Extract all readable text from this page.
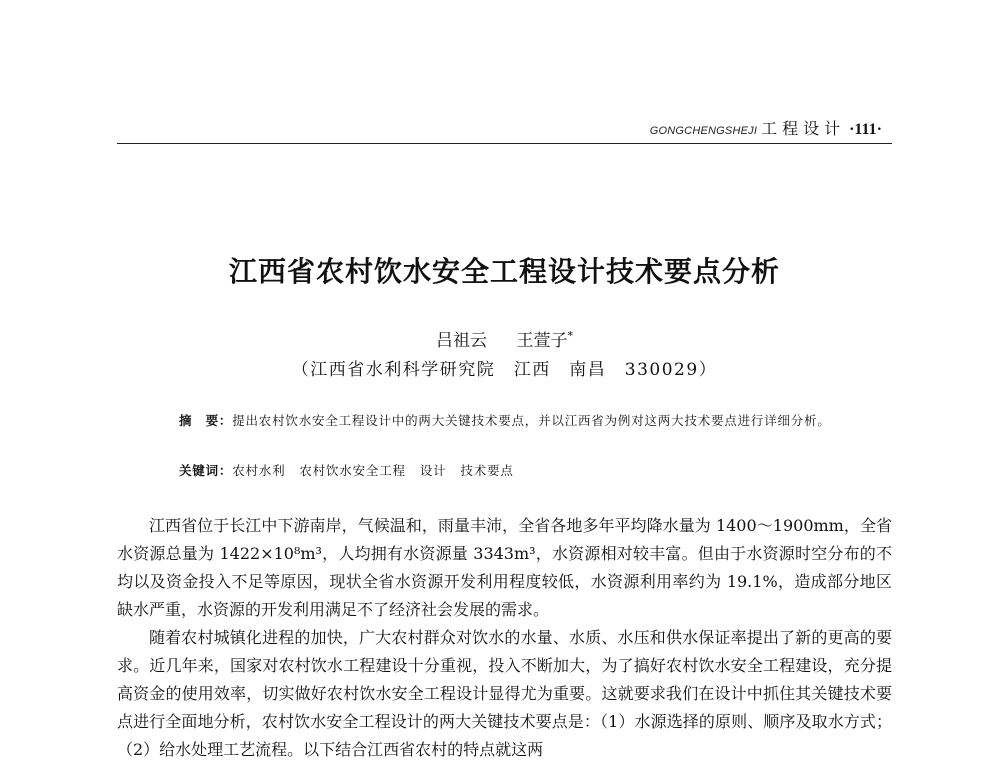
GONGCHENGSHEJI 工程设计 ·111·
江西省农村饮水安全工程设计技术要点分析
吕祖云 王萱子*
（江西省水利科学研究院　江西　南昌　330029）
摘　要：提出农村饮水安全工程设计中的两大关键技术要点，并以江西省为例对这两大技术要点进行详细分析。
关键词：农村水利 农村饮水安全工程 设计 技术要点

江西省位于长江中下游南岸，气候温和，雨量丰沛，全省各地多年平均降水量为 1400～1900mm，全省水资源总量为 1422×10⁸m³，人均拥有水资源量 3343m³，水资源相对较丰富。但由于水资源时空分布的不均以及资金投入不足等原因，现状全省水资源开发利用程度较低，水资源利用率约为 19.1%，造成部分地区缺水严重，水资源的开发利用满足不了经济社会发展的需求。

随着农村城镇化进程的加快，广大农村群众对饮水的水量、水质、水压和供水保证率提出了新的更高的要求。近几年来，国家对农村饮水工程建设十分重视，投入不断加大，为了搞好农村饮水安全工程建设，充分提高资金的使用效率，切实做好农村饮水安全工程设计显得尤为重要。这就要求我们在设计中抓住其关键技术要点进行全面地分析，农村饮水安全工程设计的两大关键技术要点是：（1）水源选择的原则、顺序及取水方式；（2）给水处理工艺流程。以下结合江西省农村的特点就这两
